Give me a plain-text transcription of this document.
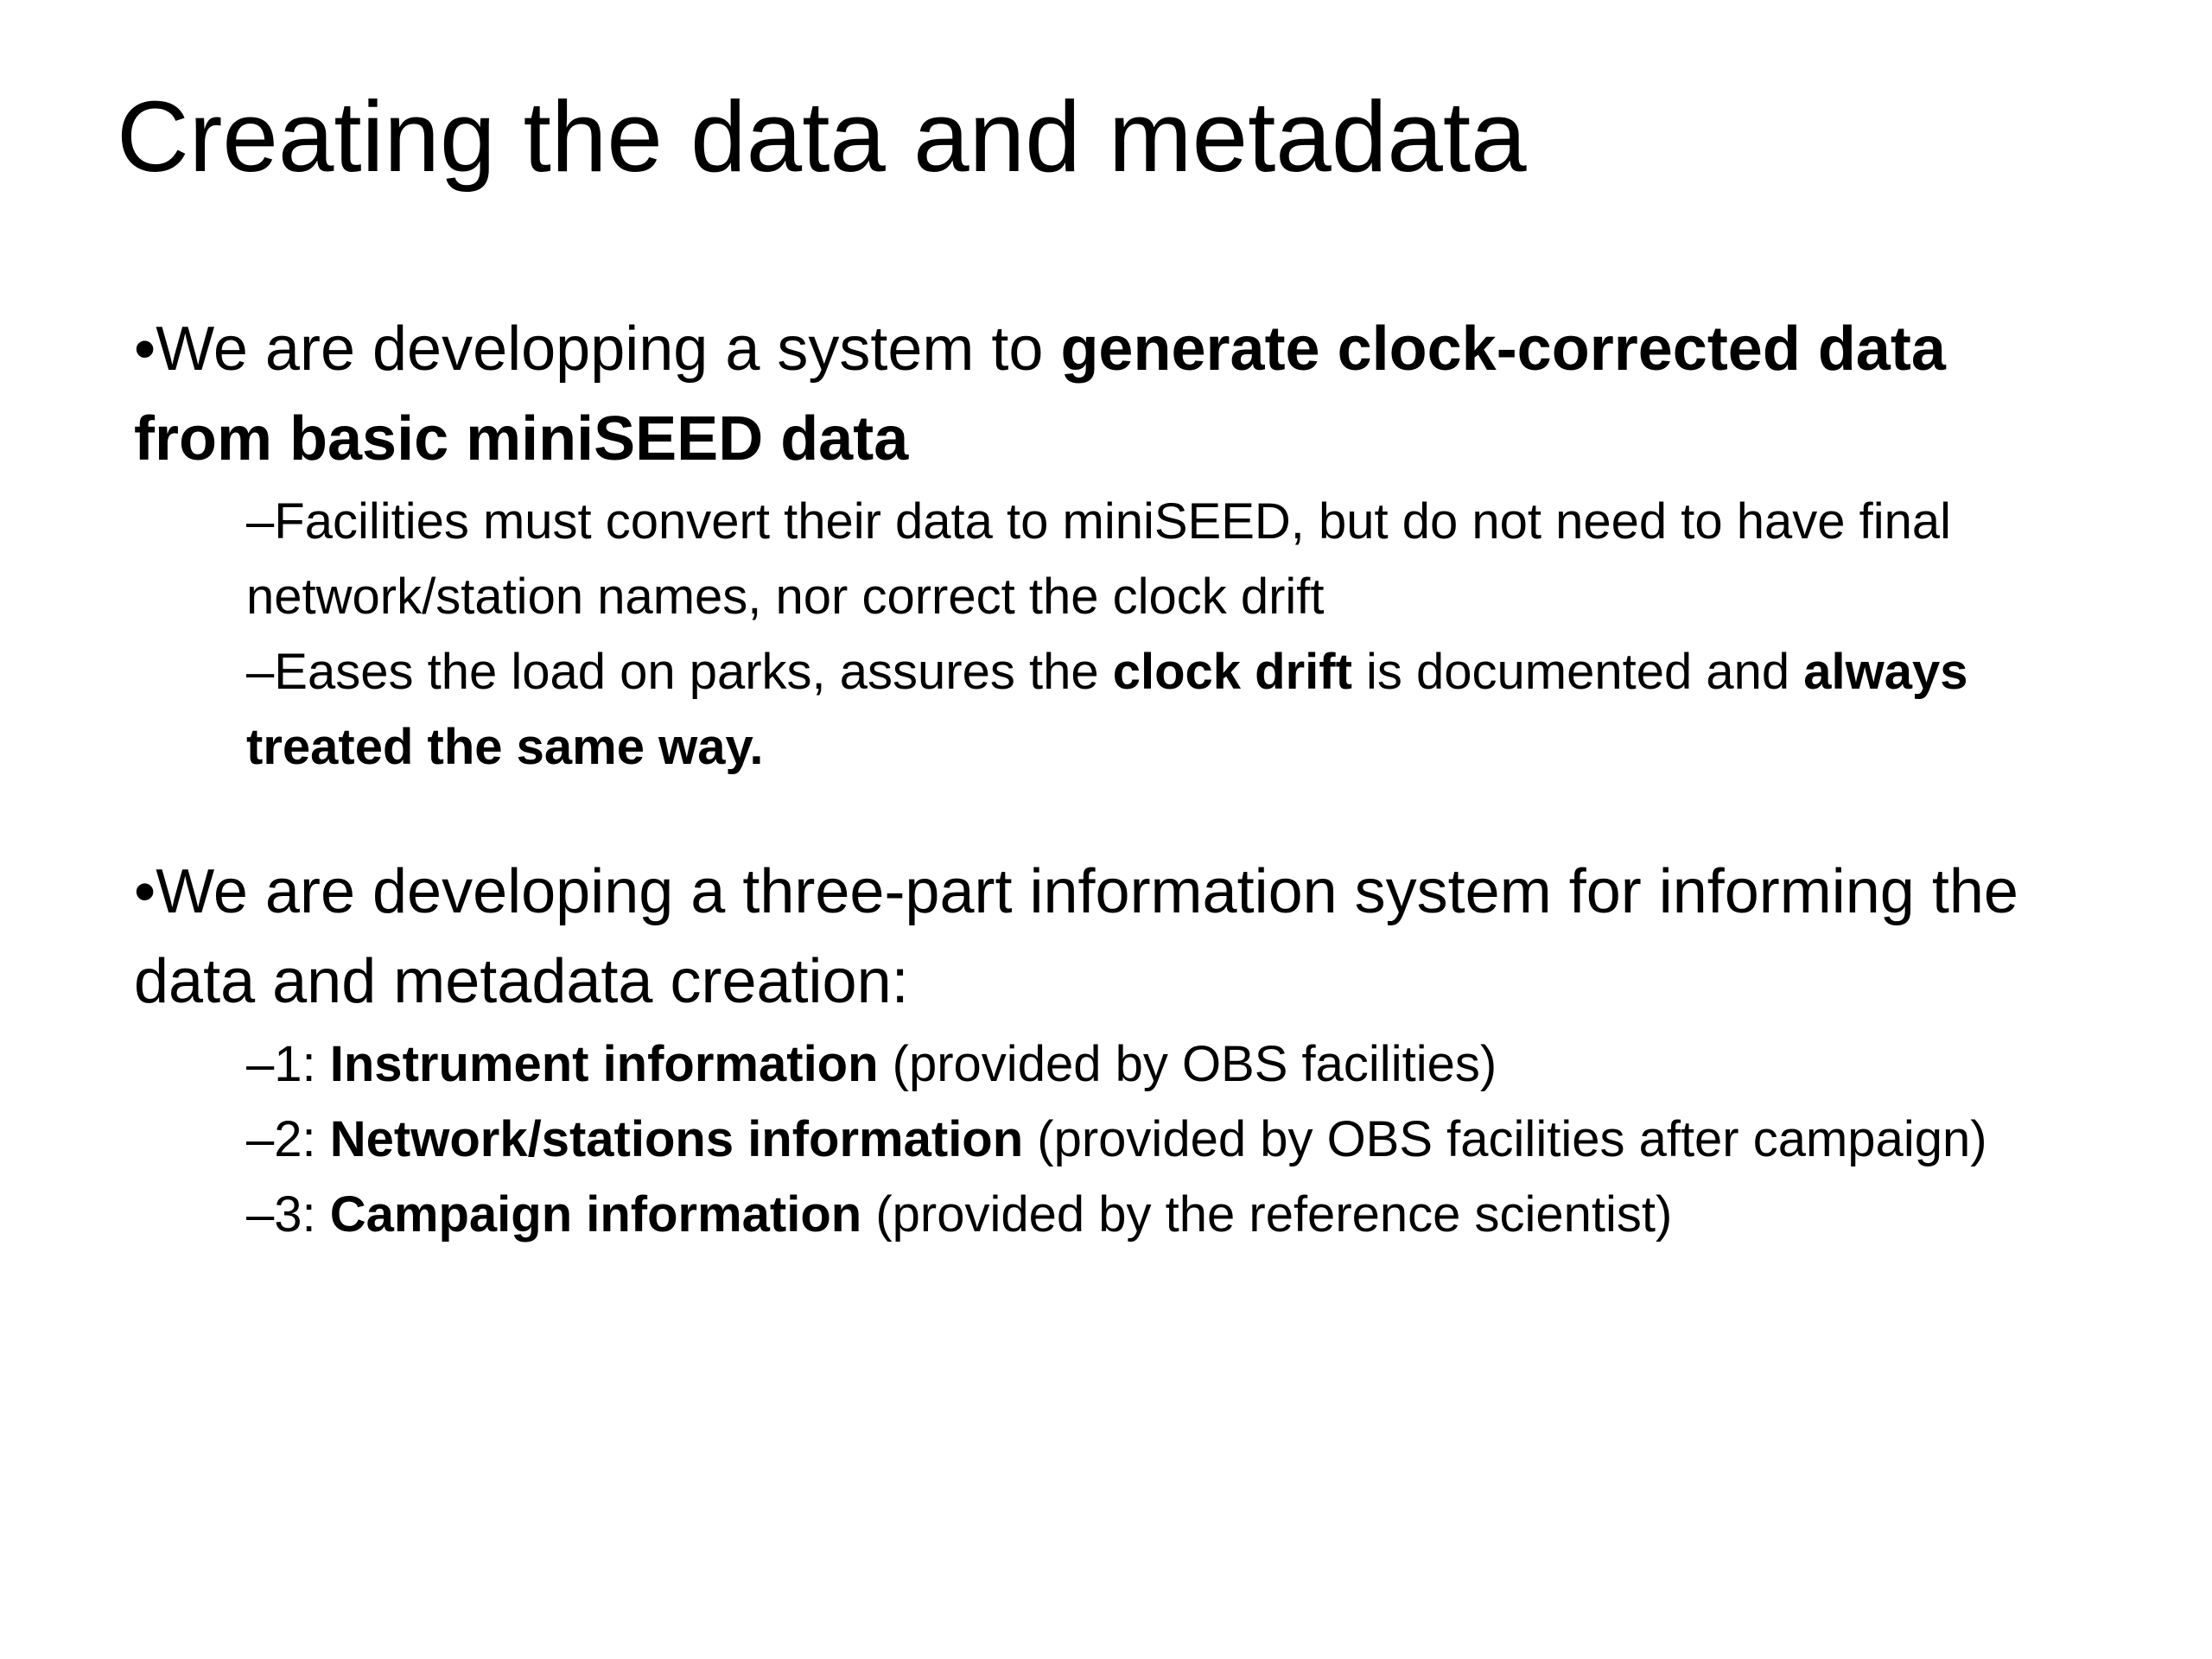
Creating the data and metadata

•We are developping a system to generate clock-corrected data from basic miniSEED data

–Facilities must convert their data to miniSEED, but do not need to have final network/station names, nor correct the clock drift

–Eases the load on parks, assures the clock drift is documented and always treated the same way.

•We are developing a three-part information system for informing the data and metadata creation:

–1: Instrument information (provided by OBS facilities)

–2: Network/stations information (provided by OBS facilities after campaign)

–3: Campaign information (provided by the reference scientist)
